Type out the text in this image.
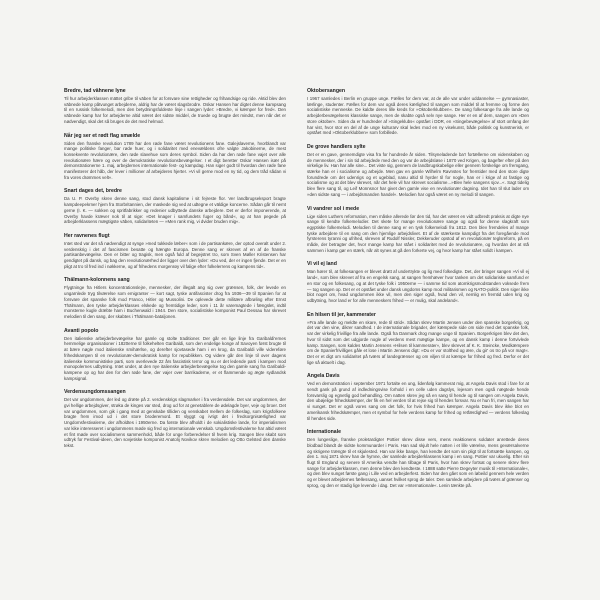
Bredre, tad vähnene lyne

Til hur arbejderklassen mättet gribe til väben for at forsvare sine rettigheder og frihandsige og ride. Aktid blev den väbnede kamp påtvunget arbejderne, aldrig har de været slagsbrodre. Oskar Hansen har digtet denne kampsang til en russisk folkemelodi, men den betydningsfuldeste linje i sangen lyder: »Bredre, vi kæmper for fred«. Den väbnede kamp har for arbejderne altid været det sidste middel, de truede og brugte det mindst, men når det er nødvendigt, skal det så bruges de det med helmod.

Når jeg ser et rødt flag smælde

Siden den franske revolution 1789 har den røde fane været revolutionens fane. Galejslaverne, hvorblandt var mange politiske fanger, bar røde huer, og i solidaritet med enevældens ofre valgte Jakobinerne, de mest konsekvente revolutionære, den røde slavehue som deres symbol. Siden da har den røde fane vajet over alle revolutionære hære og over de demokratiske revolutionsbevægelser. I et digt beretter Oskar Hansen især på demonstrationerne 1. maj, arbejdernes internationale fest- og kampdag. Han siger godt til hvordan den røde fane manifesterer det håb, der lever i millioner af arbejderes hjerter. »Vi vil gerne mod en ny tid, og dem tråd sådan vi fra vores drømmes velt«.

Snart dages det, bredre

Da U. P. Overby skrev denne sang, stod dansk kapitalisme i sit fejreste flor. Ver landbrugseksport bragte kampdeepekrner hjem fra Storbritannien, der maskede sig ved at udtegne et väldige koncerne. Sådan går til nemt gerne (I. K. — sokken og spritfabrikker og redenier udbyttede danske arbejdere. Det er derfor imponerende, at Overby havde kræver nok til at sige: »Det knager i samfundets fuger og bånd«, og at han pegede på arbejderklassens mægtigste väben, solidariteten — »Men rank mig, vi dvider bruden mig«.

Her ravnenes flugt

Intet sted var det så nødvendigt at synge »med tukkede læber« som i de partisankære, der optod overalt under 2. verdenskrig i det af fascismen besatte og hængte Europa. Denne sang er skrevet af en af de franske partisanbevægelse. Den er bitter og tragisk, men også fuld af begejstret tro, som Sven Møller Kristensen har gendigtet på dansk, og bag den revolutionærhed der ligger over den lyder: »Du ved, der er ingen fjende. Det er en pligt at tro til fred ind i nøkkerne, og af frihedens morgenrøy vil falige efter folkelerrens og kampens tid«.

Thälmann-kolonnens sang

Flygtninge fra Hitlers koncentrationslejre, mennesker, der illegalt ang sig over grænsen, folk, der levede en ungarnlede tryg tilværelse som emigranter — kort sagt, tyske antifascister drog fra 1936—39 til Spanien for at forsvare det spanske folk mod Franco, Hitler og Mussolini. De oplevede dette militære afbrøling efter Ernst Thälmann, den tyske arbejderklasses elskede og fremtidige leder, som i 11 år varemagtede i fængslet, indtil monsterne kugle dræbte ham i Buchenwald i 1944. Den store, socialistiske komponist Paul Dessau har skrevet melodien til den sang, der skabtes i Thälmann-bataljonen.

Avanti popolo

Den italienske arbejderbevægelse har gamle og stolte traditioner. Der går en lige linje fra Garibaldi'ernes hemmelige organisationer i 1820erne til folkehelten Garibaldi, som den endelige konge af Savoyen først brugte til at bære nøgle mod italienske smihærlse, og derefter sjovtasede ham i en krog, da Garibaldi ville videreføre frihedskampen til en revolutionær-demokratisk kamp for republikken. Og videre går den linje til over dagens italienske kommunistiske parti, som overlevede 22 års fascistisk terror og nu er det ledende parti i kampen mod monopolernes udbytning. Intet under, at den nye italienske arbejderbevægelse tog den gamle sang fra Garibaldi-kampene op og har den for den røde fane, der vajer over barrikaderne, er et flammende og ægte sydlandsk kampsignal.

Verdensungdomssangen

Det var ungdommen, der led og dræte på 2. verdenskrigs slagmarker i fra verdensdele. Det var ungdommen, der gvi hellige arbejdsgiver, strøka de kinges var sted, drog ud for at genetablere de ødelagde byer, veje og broer. Det var ungdommen, som gik i gang med at genskabe tilliden og venskabet mellem de folkeslag, som krigsfolkene bragte frem imod ud i det store broderemord. Et slyggt og ivrigt det i fredsorgnisærlighed var Ungdomsfestivalerne, der afholdtes i 1950erne. Da første blev afholdt i de sokialistiske lande, for imperialismen var kike interesseret i ungdommens møde sig fred og internationale venskab. Ungdomsfestivalerne har altid været et fint møde over socialismens sammenhold, både for unge forberedelser til hvem krig. Sangen blev skabt som udtryk for Festival-ideen, den sovjetiske komponist Anatolij Novikov skrev melodien og Otto Gelsted den danske tekst.

Oktobersangen

I 1967 samledes i Berlin en gruppe unge. Fælles for dem var, at de alle var under uddannelse — gymnasiaster, lærlinge, studenter. Fælles for dem var også deres kærlighed til sangen som middel til at fremme og forme den socialistiske menneske. De kaldte deres lille kreds for »Oktoberklubben«. De sang folkesange fra alle lande og arbejderbevægelsens klassiske sange, men de skabte også selv nye sange. Her er en af dem, sangen om »Den store oktober«. Siden da er hundreder af »Singeklubs« opstået i DDR, en »Singebevægelse« af stort omfang der har vist, hvor stor en del af de unge kulturarv skal ledes mod en ny visekunst, både politisk og kunstnerisk, er opstået med »Oktoberklubben« som forbillede.

De grove handlers sylte

Det er en gave, gennemdigte visa fra for hundrede år siden. Tilsyneladende ba'r fortællerne om videnskaben og de mennesker, der i sin tid arbejdede med den og var de arbejdsløse i 1870 ved Krigen, og bagefter efter på den virkelige liv. Han har alle sine... Det viste sig, gennem de landbrugskabelige eller gennem forskelige om fremgang, stærke han er i socialisme og arbejde. Men gav en gamle Wilhelm Ravnstes for fremtider med den store digte forundrede om det udenrigs og et ugeblad, nanu altid til hyrder til for nogle, han er i krige af at fastige og socialisme og at det blev skrevet, når det hele vil har skrevet socialisme...»Blev hele sangens sjov...«. Sagt tidelig blev flere sang til, og Leif Monnsnor har givet den gamle vise en revolutionær dagning. Idet han til slut lader om »den sidste sang — i arbejdsmanden handel«. Melodien har også været en ny melodi til sangen.

Vi vandrer sol i mede

Lige siden Luthers reformation, men måske allerede før den tid, har det været en vidt udbredt praksis at digte nye sange til kendte folkemelodier. Det skete for mange revolutionære sange og også for denne slagkraft som egyptiske folkemelodi. Melodien til denne sang er en tysk folkemelodi fra 1812. Den blev fremdeles af mange tyske arbejdere til en sang om den hjemlige arbejdslivet. Et af de stærkeste kampdigt fra det foregående mod fyrsterens tyranni og ufrihed, skreven af Rudolf Nissler, Dekkeruder opstod af en revolutionær teglsreform, på en måde, der betragter det, hvor mange kamp har stået i solidaritet med de revolutionære, og hvordan det at stå sammen i kamp gør en stærk, når alt synes at gå den forkerte vej, og hvor kamp har stået solidt i kampen.

Vi vil ej land

Man hører til, at folkesangen er blevet drøtt af undertrykte og lig med folkedigte. Det, der bringer sangen »Vi vil ej land«, som blev skrevet af fra en engelsk sang, at sangen fremhæver hvor tanken om det solidariske samfund er en stor og en folkesang, og at det tyske folk i 1950erne — i samme tid som atomkrigsmodstanden voksede frem — tog sangen op. Det er et opstået under dansk ungdoms kamp mod militarismen og NATO-politik. Den siger ikke blot noget om, hvad ungdommen ikke vil, men den siger også, hvad den vil, nemlig en fremtid uden krig og udbytning, hvor land er for alle menneskers frihed — er mulig, skal andeland«.

En hilsen til jer, kammerater

»Fra alle lande og meldte en skare, rede til strid«. Sådan skrev Martin Jensen under den spanske borgerkrig, og det var den vine, dikrer sandhed. I de internationale brigader, der kæmpede side om side med det spanske folk, var der virkelig frivillige fra alle lande. Også fra Danmark drog mange unge til Spanien. Borgerkrigen blev det den, hvor til sidst som det udgjorde nogle af verdens mest mægtige kampe, og en dansk kamp i denne fortvivlede kamp. Sangen, som kaldes Martin Jensens »Hilsen til kammerater«, blev skrevet af K. K. Steincke, Medkæmpere om de Spanierfrivilliges gåle et lose i Martin Jensens digt: »Du er vor stolthed og ære, du gir' os tro på vor magt«. Det er et digt om solidaritet på tværs af landegrænser og om viljen til at kæmpe for frihed og fred. Derfor er det lige så aktuelt i dag.

Angela Davis

Ved en demonstration i september 1971 fortalte en ung, lidenfølg kammerat mig, at Angela Davis stod i fare for at sendt gank på grund af indledningsvise forhold i en celle uden dagslys, lejesom men også nægtede hende forsvarslig og egnetlig god behandling. Om natten skrev jeg så en sang til hende og til sangen om Angela Davis, den ubøjelige frihedskæmper, der fik en hel verden til at rejse sig til hendes forsvar. Nu er hun fri, men sangen har vi sunget. Det er også vores sang om det folk, for hvis frihed hun kæmper. Angela Davis blev ikke blot en amerikansk frihedskæmper, men et symbol for hele verdens kamp for frihed og retfærdighed — verdens folkeslag til hendes side.

Internationale

Den lungeslige, franske proletardigter Pottier skrev disse vers, mens reaktionens soldater anrettede deres blodbad blandt de sidste kommunarder i Paris. Han sad skjult hele natten i et lille værelse, mens geværsalverne og skrigene trængte til et skjulested. Han var ikke bange, han kendte det som sin pligt til at fortsætte kampen, og den 1. maj 1871 skrev han de hymne, der samlede arbejderklassens kamp i en sang. Pottier var ukuelig. Efter sin flugt til England og senere til Amerika vendte han tilbage til Paris, hvor han skrev fortsat og senere skrev flere sange for arbejderklassen, men denne blev den kendteste. I 1888 satte Pierre Degeyter musik til »Internationale«, og den blev sunget første gang i Lille ved en arbejderfest. Siden har den gået som en løbeild gennem hele verden og er blevet arbejdernes fællessang, uanset hvilket sprog de taler. Den samlede arbejdere på tværs af grænser og sprog, og den er stadig lige levende i dag. Det var »Internationale«. Lenin tænkte på.
